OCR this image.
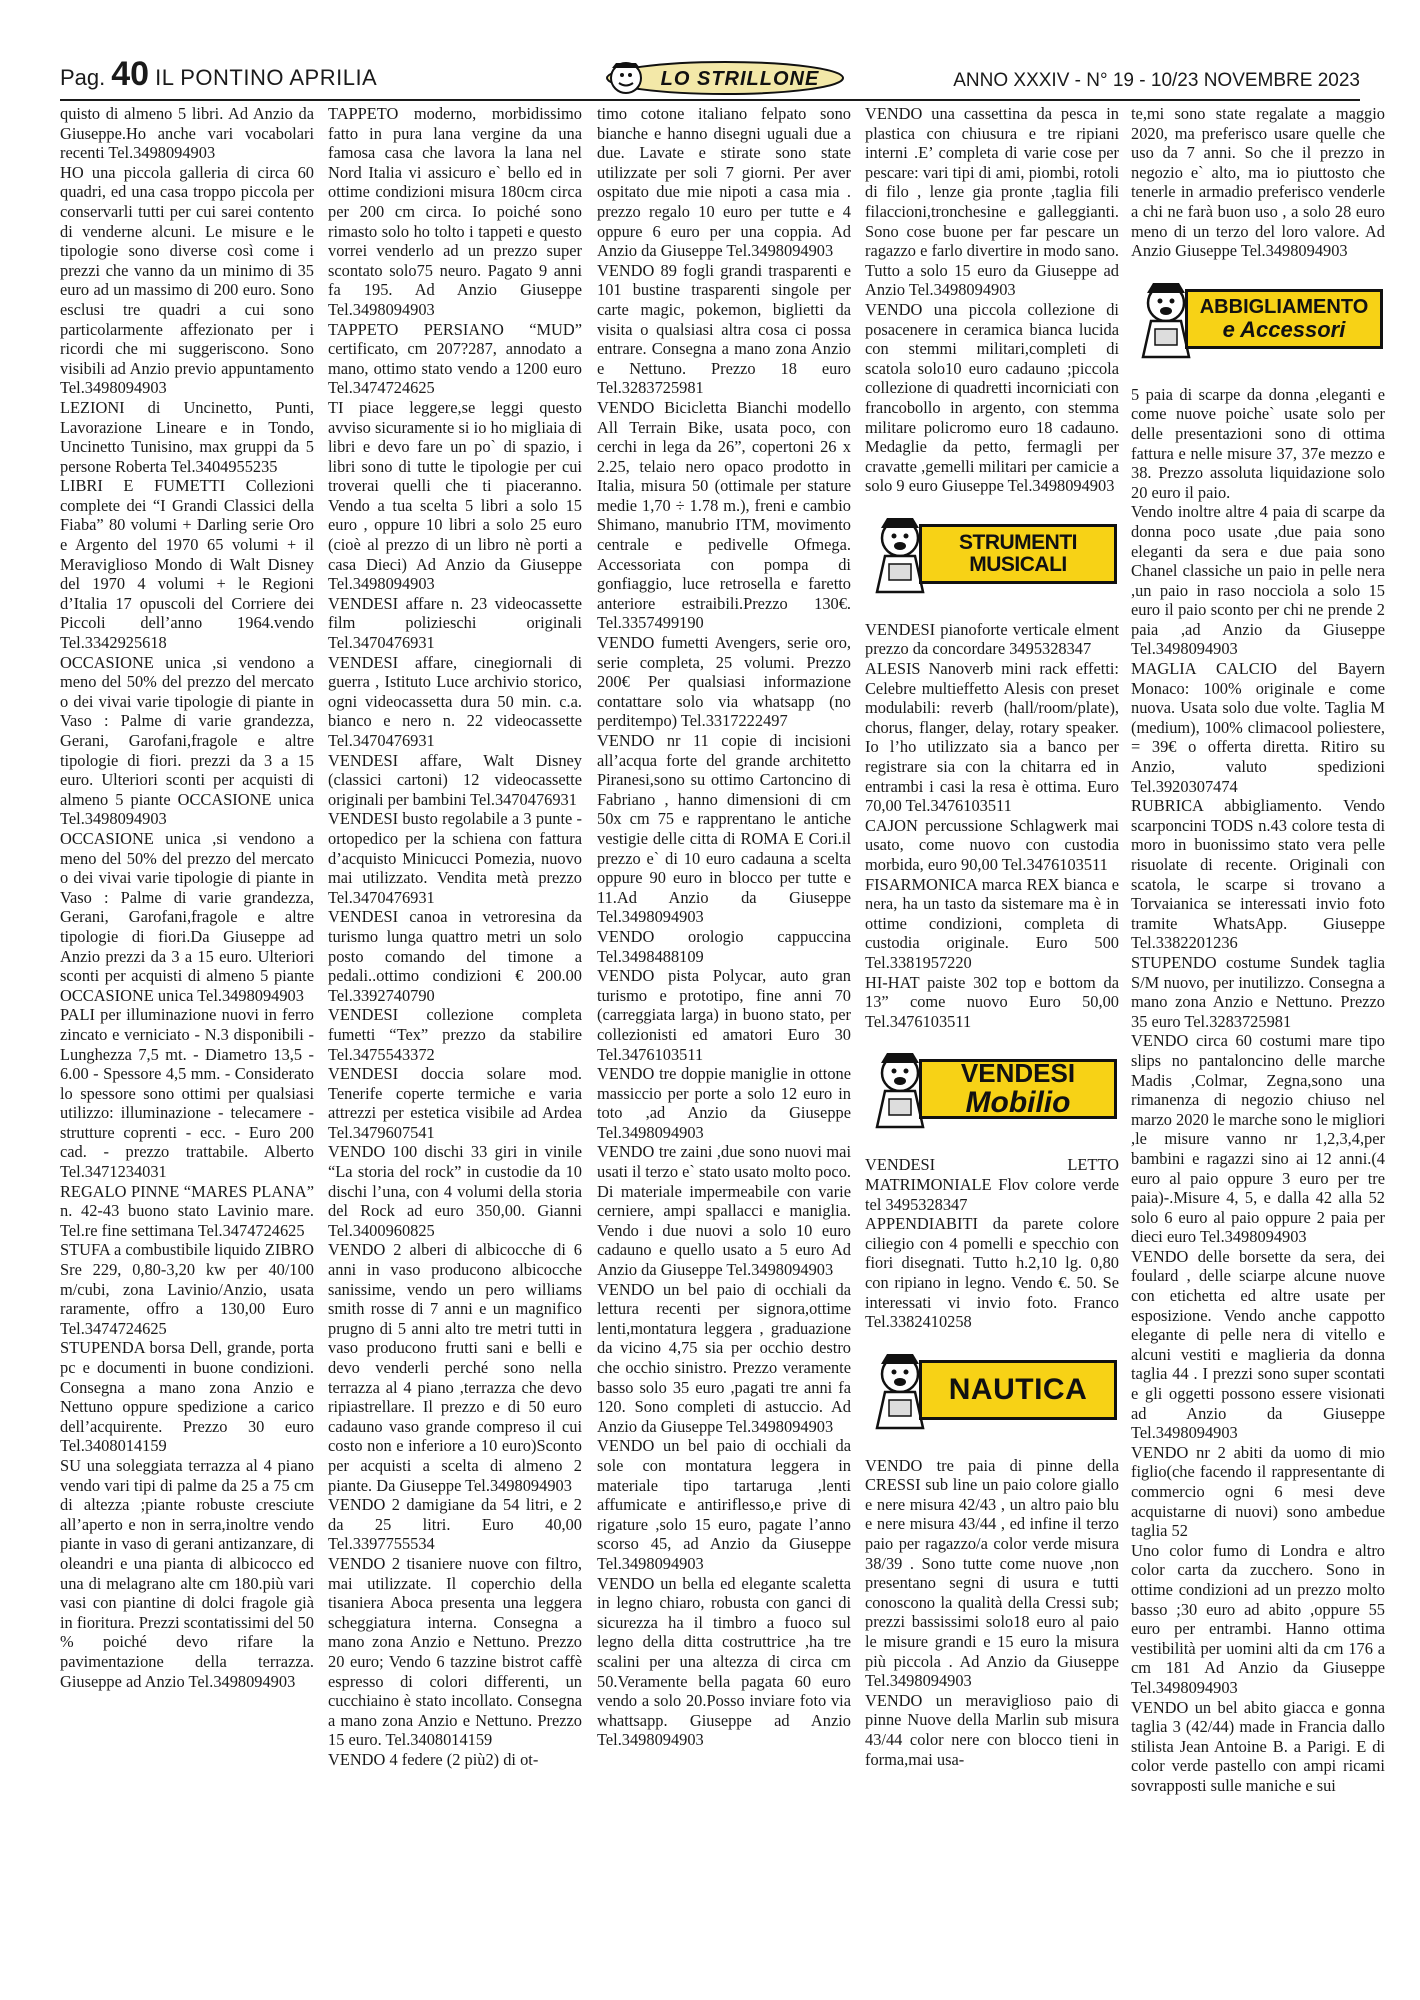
Pag. 40 IL PONTINO APRILIA	LO STRILLONE	ANNO XXXIV - N° 19 - 10/23 NOVEMBRE 2023

quisto di almeno 5 libri. Ad Anzio da Giuseppe.Ho anche vari vocabolari recenti Tel.3498094903

HO una piccola galleria di circa 60 quadri, ed una casa troppo piccola per conservarli tutti per cui sarei contento di venderne alcuni. Le misure e le tipologie sono diverse così come i prezzi che vanno da un minimo di 35 euro ad un massimo di 200 euro. Sono esclusi tre quadri a cui sono particolarmente affezionato per i ricordi che mi suggeriscono. Sono visibili ad Anzio previo appuntamento Tel.3498094903

LEZIONI di Uncinetto, Punti, Lavorazione Lineare e in Tondo, Uncinetto Tunisino, max gruppi da 5 persone Roberta Tel.3404955235

LIBRI E FUMETTI Collezioni complete dei “I Grandi Classici della Fiaba” 80 volumi + Darling serie Oro e Argento del 1970 65 volumi + il Meraviglioso Mondo di Walt Disney del 1970 4 volumi + le Regioni d’Italia 17 opuscoli del Corriere dei Piccoli dell’anno 1964.vendo Tel.3342925618

OCCASIONE unica ,si vendono a meno del 50% del prezzo del mercato o dei vivai varie tipologie di piante in Vaso : Palme di varie grandezza, Gerani, Garofani,fragole e altre tipologie di fiori. prezzi da 3 a 15 euro. Ulteriori sconti per acquisti di almeno 5 piante OCCASIONE unica Tel.3498094903

OCCASIONE unica ,si vendono a meno del 50% del prezzo del mercato o dei vivai varie tipologie di piante in Vaso : Palme di varie grandezza, Gerani, Garofani,fragole e altre tipologie di fiori.Da Giuseppe ad Anzio prezzi da 3 a 15 euro. Ulteriori sconti per acquisti di almeno 5 piante OCCASIONE unica Tel.3498094903

PALI per illuminazione nuovi in ferro zincato e verniciato - N.3 disponibili - Lunghezza 7,5 mt. - Diametro 13,5 - 6.00 - Spessore 4,5 mm. - Considerato lo spessore sono ottimi per qualsiasi utilizzo: illuminazione - telecamere - strutture coprenti - ecc. - Euro 200 cad. - prezzo trattabile. Alberto Tel.3471234031

REGALO PINNE “MARES PLANA” n. 42-43 buono stato Lavinio mare. Tel.re fine settimana Tel.3474724625

STUFA a combustibile liquido ZIBRO Sre 229, 0,80-3,20 kw per 40/100 m/cubi, zona Lavinio/Anzio, usata raramente, offro a 130,00 Euro Tel.3474724625

STUPENDA borsa Dell, grande, porta pc e documenti in buone condizioni. Consegna a mano zona Anzio e Nettuno oppure spedizione a carico dell’acquirente. Prezzo 30 euro Tel.3408014159

SU una soleggiata terrazza al 4 piano vendo vari tipi di palme da 25 a 75 cm di altezza ;piante robuste cresciute all’aperto e non in serra,inoltre vendo piante in vaso di gerani antizanzare, di oleandri e una pianta di albicocco ed una di melagrano alte cm 180.più vari vasi con piantine di dolci fragole già in fioritura. Prezzi scontatissimi del 50 % poiché devo rifare la pavimentazione della terrazza. Giuseppe ad Anzio Tel.3498094903

TAPPETO moderno, morbidissimo fatto in pura lana vergine da una famosa casa che lavora la lana nel Nord Italia vi assicuro e` bello ed in ottime condizioni misura 180cm circa per 200 cm circa. Io poiché sono rimasto solo ho tolto i tappeti e questo vorrei venderlo ad un prezzo super scontato solo75 neuro. Pagato 9 anni fa 195. Ad Anzio Giuseppe Tel.3498094903

TAPPETO PERSIANO “MUD” certificato, cm 207?287, annodato a mano, ottimo stato vendo a 1200 euro Tel.3474724625

TI piace leggere,se leggi questo avviso sicuramente si io ho migliaia di libri e devo fare un po` di spazio, i libri sono di tutte le tipologie per cui troverai quelli che ti piaceranno. Vendo a tua scelta 5 libri a solo 15 euro , oppure 10 libri a solo 25 euro (cioè al prezzo di un libro nè porti a casa Dieci) Ad Anzio da Giuseppe Tel.3498094903

VENDESI affare n. 23 videocassette film polizieschi originali Tel.3470476931

VENDESI affare, cinegiornali di guerra , Istituto Luce archivio storico, ogni videocassetta dura 50 min. c.a. bianco e nero n. 22 videocassette Tel.3470476931

VENDESI affare, Walt Disney (classici cartoni) 12 videocassette originali per bambini Tel.3470476931

VENDESI busto regolabile a 3 punte - ortopedico per la schiena con fattura d’acquisto Minicucci Pomezia, nuovo mai utilizzato. Vendita metà prezzo Tel.3470476931

VENDESI canoa in vetroresina da turismo lunga quattro metri un solo posto comando del timone a pedali..ottimo condizioni € 200.00 Tel.3392740790

VENDESI collezione completa fumetti “Tex” prezzo da stabilire Tel.3475543372

VENDESI doccia solare mod. Tenerife coperte termiche e varia attrezzi per estetica visibile ad Ardea Tel.3479607541

VENDO 100 dischi 33 giri in vinile “La storia del rock” in custodie da 10 dischi l’una, con 4 volumi della storia del Rock ad euro 350,00. Gianni Tel.3400960825

VENDO 2 alberi di albicocche di 6 anni in vaso producono albicocche sanissime, vendo un pero williams smith rosse di 7 anni e un magnifico prugno di 5 anni alto tre metri tutti in vaso producono frutti sani e belli e devo venderli perché sono nella terrazza al 4 piano ,terrazza che devo ripiastrellare. Il prezzo e di 50 euro cadauno vaso grande compreso il cui costo non e inferiore a 10 euro)Sconto per acquisti a scelta di almeno 2 piante. Da Giuseppe Tel.3498094903

VENDO 2 damigiane da 54 litri, e 2 da 25 litri. Euro 40,00 Tel.3397755534

VENDO 2 tisaniere nuove con filtro, mai utilizzate. Il coperchio della tisaniera Aboca presenta una leggera scheggiatura interna. Consegna a mano zona Anzio e Nettuno. Prezzo 20 euro; Vendo 6 tazzine bistrot caffè espresso di colori differenti, un cucchiaino è stato incollato. Consegna a mano zona Anzio e Nettuno. Prezzo 15 euro. Tel.3408014159

VENDO 4 federe (2 più2) di ot-

timo cotone italiano felpato sono bianche e hanno disegni uguali due a due. Lavate e stirate sono state utilizzate per soli 7 giorni. Per aver ospitato due mie nipoti a casa mia . prezzo regalo 10 euro per tutte e 4 oppure 6 euro per una coppia. Ad Anzio da Giuseppe Tel.3498094903

VENDO 89 fogli grandi trasparenti e 101 bustine trasparenti singole per carte magic, pokemon, biglietti da visita o qualsiasi altra cosa ci possa entrare. Consegna a mano zona Anzio e Nettuno. Prezzo 18 euro Tel.3283725981

VENDO Bicicletta Bianchi modello All Terrain Bike, usata poco, con cerchi in lega da 26”, copertoni 26 x 2.25, telaio nero opaco prodotto in Italia, misura 50 (ottimale per stature medie 1,70 ÷ 1.78 m.), freni e cambio Shimano, manubrio ITM, movimento centrale e pedivelle Ofmega. Accessoriata con pompa di gonfiaggio, luce retrosella e faretto anteriore estraibili.Prezzo 130€. Tel.3357499190

VENDO fumetti Avengers, serie oro, serie completa, 25 volumi. Prezzo 200€ Per qualsiasi informazione contattare solo via whatsapp (no perditempo) Tel.3317222497

VENDO nr 11 copie di incisioni all’acqua forte del grande architetto Piranesi,sono su ottimo Cartoncino di Fabriano , hanno dimensioni di cm 50x cm 75 e rapprentano le antiche vestigie delle citta di ROMA E Cori.il prezzo e` di 10 euro cadauna a scelta oppure 90 euro in blocco per tutte e 11.Ad Anzio da Giuseppe Tel.3498094903

VENDO orologio cappuccina Tel.3498488109

VENDO pista Polycar, auto gran turismo e prototipo, fine anni 70 (carreggiata larga) in buono stato, per collezionisti ed amatori Euro 30 Tel.3476103511

VENDO tre doppie maniglie in ottone massiccio per porte a solo 12 euro in toto ,ad Anzio da Giuseppe Tel.3498094903

VENDO tre zaini ,due sono nuovi mai usati il terzo e` stato usato molto poco. Di materiale impermeabile con varie cerniere, ampi spallacci e maniglia. Vendo i due nuovi a solo 10 euro cadauno e quello usato a 5 euro Ad Anzio da Giuseppe Tel.3498094903

VENDO un bel paio di occhiali da lettura recenti per signora,ottime lenti,montatura leggera , graduazione da vicino 4,75 sia per occhio destro che occhio sinistro. Prezzo veramente basso solo 35 euro ,pagati tre anni fa 120. Sono completi di astuccio. Ad Anzio da Giuseppe Tel.3498094903

VENDO un bel paio di occhiali da sole con montatura leggera in materiale tipo tartaruga ,lenti affumicate e antiriflesso,e prive di rigature ,solo 15 euro, pagate l’anno scorso 45, ad Anzio da Giuseppe Tel.3498094903

VENDO un bella ed elegante scaletta in legno chiaro, robusta con ganci di sicurezza ha il timbro a fuoco sul legno della ditta costruttrice ,ha tre scalini per una altezza di circa cm 50.Veramente bella pagata 60 euro vendo a solo 20.Posso inviare foto via whattsapp. Giuseppe ad Anzio Tel.3498094903

VENDO una cassettina da pesca in plastica con chiusura e tre ripiani interni .E’ completa di varie cose per pescare: vari tipi di ami, piombi, rotoli di filo , lenze gia pronte ,taglia fili filaccioni,tronchesine e galleggianti. Sono cose buone per far pescare un ragazzo e farlo divertire in modo sano. Tutto a solo 15 euro da Giuseppe ad Anzio Tel.3498094903

VENDO una piccola collezione di posacenere in ceramica bianca lucida con stemmi militari,completi di scatola solo10 euro cadauno ;piccola collezione di quadretti incorniciati con francobollo in argento, con stemma militare policromo euro 18 cadauno. Medaglie da petto, fermagli per cravatte ,gemelli militari per camicie a solo 9 euro Giuseppe Tel.3498094903

STRUMENTI
MUSICALI

VENDESI pianoforte verticale elment prezzo da concordare 3495328347

ALESIS Nanoverb mini rack effetti: Celebre multieffetto Alesis con preset modulabili: reverb (hall/room/plate), chorus, flanger, delay, rotary speaker. Io l’ho utilizzato sia a banco per registrare sia con la chitarra ed in entrambi i casi la resa è ottima. Euro 70,00 Tel.3476103511

CAJON percussione Schlagwerk mai usato, come nuovo con custodia morbida, euro 90,00 Tel.3476103511

FISARMONICA marca REX bianca e nera, ha un tasto da sistemare ma è in ottime condizioni, completa di custodia originale. Euro 500 Tel.3381957220

HI-HAT paiste 302 top e bottom da 13” come nuovo Euro 50,00 Tel.3476103511

VENDESI
Mobilio

VENDESI LETTO MATRIMONIALE Flov colore verde tel 3495328347

APPENDIABITI da parete colore ciliegio con 4 pomelli e specchio con fiori disegnati. Tutto h.2,10 lg. 0,80 con ripiano in legno. Vendo €. 50. Se interessati vi invio foto. Franco Tel.3382410258

NAUTICA

VENDO tre paia di pinne della CRESSI sub line un paio colore giallo e nere misura 42/43 , un altro paio blu e nere misura 43/44 , ed infine il terzo paio per ragazzo/a color verde misura 38/39 . Sono tutte come nuove ,non presentano segni di usura e tutti conoscono la qualità della Cressi sub; prezzi bassissimi solo18 euro al paio le misure grandi e 15 euro la misura più piccola . Ad Anzio da Giuseppe Tel.3498094903

VENDO un meraviglioso paio di pinne Nuove della Marlin sub misura 43/44 color nere con blocco tieni in forma,mai usa-

te,mi sono state regalate a maggio 2020, ma preferisco usare quelle che uso da 7 anni. So che il prezzo in negozio e` alto, ma io piuttosto che tenerle in armadio preferisco venderle a chi ne farà buon uso , a solo 28 euro meno di un terzo del loro valore. Ad Anzio Giuseppe Tel.3498094903

ABBIGLIAMENTO
e Accessori

5 paia di scarpe da donna ,eleganti e come nuove poiche` usate solo per delle presentazioni sono di ottima fattura e nelle misure 37, 37e mezzo e 38. Prezzo assoluta liquidazione solo 20 euro il paio.

Vendo inoltre altre 4 paia di scarpe da donna poco usate ,due paia sono eleganti da sera e due paia sono Chanel classiche un paio in pelle nera ,un paio in raso nocciola a solo 15 euro il paio sconto per chi ne prende 2 paia ,ad Anzio da Giuseppe Tel.3498094903

MAGLIA CALCIO del Bayern Monaco: 100% originale e come nuova. Usata solo due volte. Taglia M (medium), 100% climacool poliestere, = 39€ o offerta diretta. Ritiro su Anzio, valuto spedizioni Tel.3920307474

RUBRICA abbigliamento. Vendo scarponcini TODS n.43 colore testa di moro in buonissimo stato vera pelle risuolate di recente. Originali con scatola, le scarpe si trovano a Torvaianica se interessati invio foto tramite WhatsApp. Giuseppe Tel.3382201236

STUPENDO costume Sundek taglia S/M nuovo, per inutilizzo. Consegna a mano zona Anzio e Nettuno. Prezzo 35 euro Tel.3283725981

VENDO circa 60 costumi mare tipo slips no pantaloncino delle marche Madis ,Colmar, Zegna,sono una rimanenza di negozio chiuso nel marzo 2020 le marche sono le migliori ,le misure vanno nr 1,2,3,4,per bambini e ragazzi sino ai 12 anni.(4 euro al paio oppure 3 euro per tre paia)-.Misure 4, 5, e dalla 42 alla 52 solo 6 euro al paio oppure 2 paia per dieci euro Tel.3498094903

VENDO delle borsette da sera, dei foulard , delle sciarpe alcune nuove con etichetta ed altre usate per esposizione. Vendo anche cappotto elegante di pelle nera di vitello e alcuni vestiti e maglieria da donna taglia 44 . I prezzi sono super scontati e gli oggetti possono essere visionati ad Anzio da Giuseppe Tel.3498094903

VENDO nr 2 abiti da uomo di mio figlio(che facendo il rappresentante di commercio ogni 6 mesi deve acquistarne di nuovi) sono ambedue taglia 52

Uno color fumo di Londra e altro color carta da zucchero. Sono in ottime condizioni ad un prezzo molto basso ;30 euro ad abito ,oppure 55 euro per entrambi. Hanno ottima vestibilità per uomini alti da cm 176 a cm 181 Ad Anzio da Giuseppe Tel.3498094903

VENDO un bel abito giacca e gonna taglia 3 (42/44) made in Francia dallo stilista Jean Antoine B. a Parigi. E di color verde pastello con ampi ricami sovrapposti sulle maniche e sui
